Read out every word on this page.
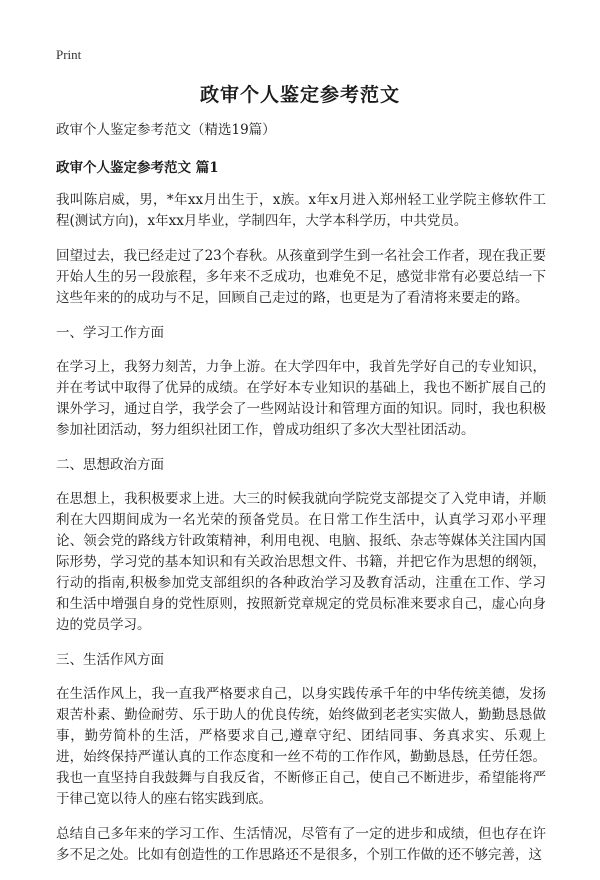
Print
政审个人鉴定参考范文

政审个人鉴定参考范文（精选19篇）

政审个人鉴定参考范文 篇1

我叫陈启威，男，*年xx月出生于，x族。x年x月进入郑州轻工业学院主修软件工程(测试方向)，x年xx月毕业，学制四年，大学本科学历，中共党员。

回望过去，我已经走过了23个春秋。从孩童到学生到一名社会工作者，现在我正要开始人生的另一段旅程，多年来不乏成功，也难免不足，感觉非常有必要总结一下这些年来的的成功与不足，回顾自己走过的路，也更是为了看清将来要走的路。

一、学习工作方面

在学习上，我努力刻苦，力争上游。在大学四年中，我首先学好自己的专业知识，并在考试中取得了优异的成绩。在学好本专业知识的基础上，我也不断扩展自己的课外学习，通过自学，我学会了一些网站设计和管理方面的知识。同时，我也积极参加社团活动，努力组织社团工作，曾成功组织了多次大型社团活动。

二、思想政治方面

在思想上，我积极要求上进。大三的时候我就向学院党支部提交了入党申请，并顺利在大四期间成为一名光荣的预备党员。在日常工作生活中，认真学习邓小平理论、领会党的路线方针政策精神，利用电视、电脑、报纸、杂志等媒体关注国内国际形势，学习党的基本知识和有关政治思想文件、书籍，并把它作为思想的纲领，行动的指南,积极参加党支部组织的各种政治学习及教育活动，注重在工作、学习和生活中增强自身的党性原则，按照新党章规定的党员标准来要求自己，虚心向身边的党员学习。

三、生活作风方面

在生活作风上，我一直我严格要求自己，以身实践传承千年的中华传统美德，发扬艰苦朴素、勤俭耐劳、乐于助人的优良传统，始终做到老老实实做人，勤勤恳恳做事，勤劳简朴的生活，严格要求自己,遵章守纪、团结同事、务真求实、乐观上进，始终保持严谨认真的工作态度和一丝不苟的工作作风，勤勤恳恳，任劳任怨。我也一直坚持自我鼓舞与自我反省，不断修正自己，使自己不断进步，希望能将严于律己宽以待人的座右铭实践到底。

总结自己多年来的学习工作、生活情况，尽管有了一定的进步和成绩，但也存在许多不足之处。比如有创造性的工作思路还不是很多，个别工作做的还不够完善，这
